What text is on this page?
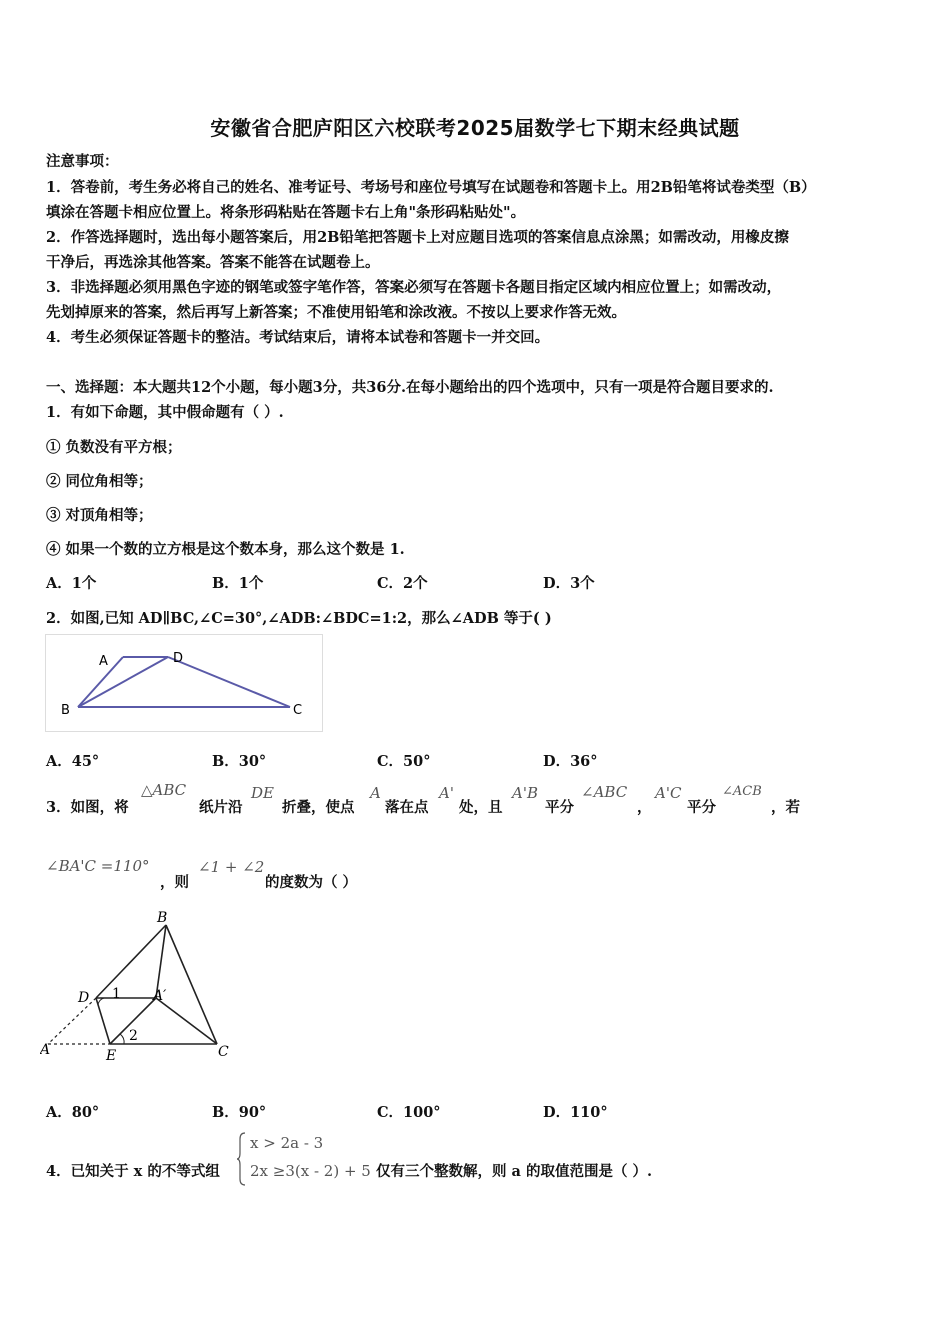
安徽省合肥庐阳区六校联考2025届数学七下期末经典试题
注意事项：
1．答卷前，考生务必将自己的姓名、准考证号、考场号和座位号填写在试题卷和答题卡上。用2B铅笔将试卷类型（B）
填涂在答题卡相应位置上。将条形码粘贴在答题卡右上角"条形码粘贴处"。
2．作答选择题时，选出每小题答案后，用2B铅笔把答题卡上对应题目选项的答案信息点涂黑；如需改动，用橡皮擦
干净后，再选涂其他答案。答案不能答在试题卷上。
3．非选择题必须用黑色字迹的钢笔或签字笔作答，答案必须写在答题卡各题目指定区域内相应位置上；如需改动，
先划掉原来的答案，然后再写上新答案；不准使用铅笔和涂改液。不按以上要求作答无效。
4．考生必须保证答题卡的整洁。考试结束后，请将本试卷和答题卡一并交回。
一、选择题：本大题共12个小题，每小题3分，共36分.在每小题给出的四个选项中，只有一项是符合题目要求的.
1．有如下命题，其中假命题有（ ）.
① 负数没有平方根；
② 同位角相等；
③ 对顶角相等；
④ 如果一个数的立方根是这个数本身，那么这个数是 1.
A．1个	B．1个	C．2个	D．3个
2．如图,已知 AD∥BC,∠C=30°,∠ADB:∠BDC=1:2，那么∠ADB 等于( )
A	D
B	C
A．45°	B．30°	C．50°	D．36°
3．如图，将
△ABC
纸片沿
DE
折叠，使点
A
落在点
A'
处，且
A'B
平分
∠ABC
，
A'C
平分
∠ACB
，若
∠BA'C =110°
，则
∠1 + ∠2
的度数为（ ）
B
D
A	E	C
A′
1
2
A．80°	B．90°	C．100°	D．110°
4．已知关于 x 的不等式组
x > 2a - 3
2x ≥3(x - 2) + 5 仅有三个整数解，则 a 的取值范围是（ ）.
